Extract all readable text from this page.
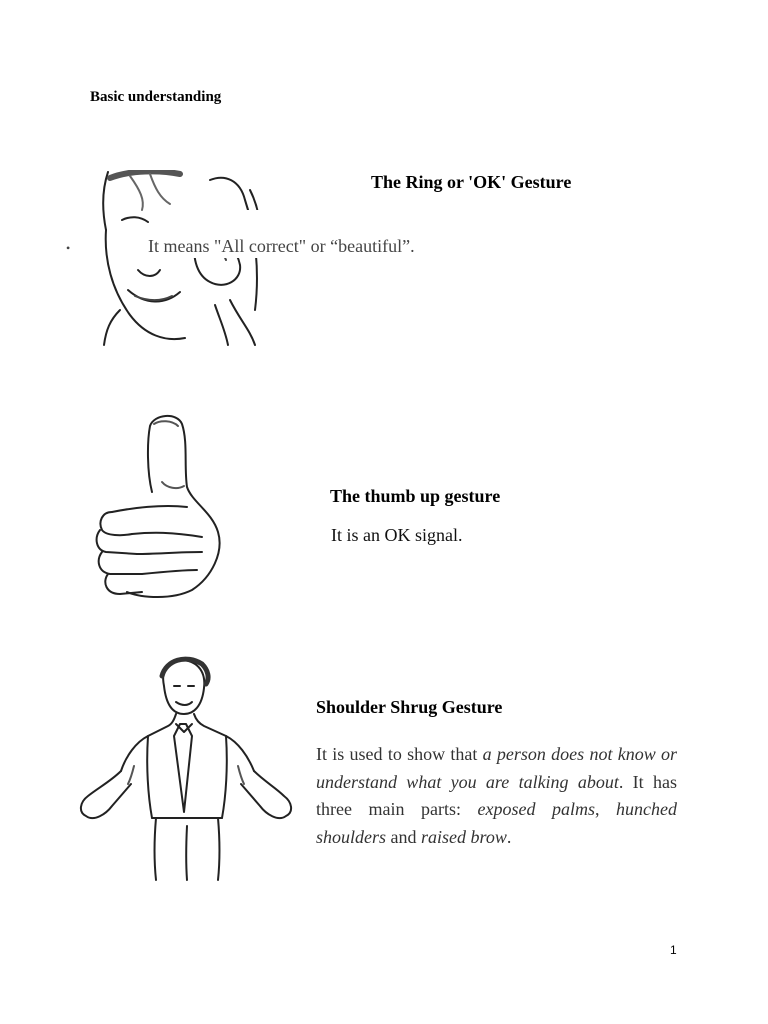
Basic understanding
The Ring or 'OK' Gesture
•	It means "All correct" or “beautiful”.
The thumb up gesture
It is an OK signal.
Shoulder Shrug Gesture
It is used to show that a person does not know or understand what you are talking about. It has three main parts: exposed palms, hunched shoulders and raised brow.
1
